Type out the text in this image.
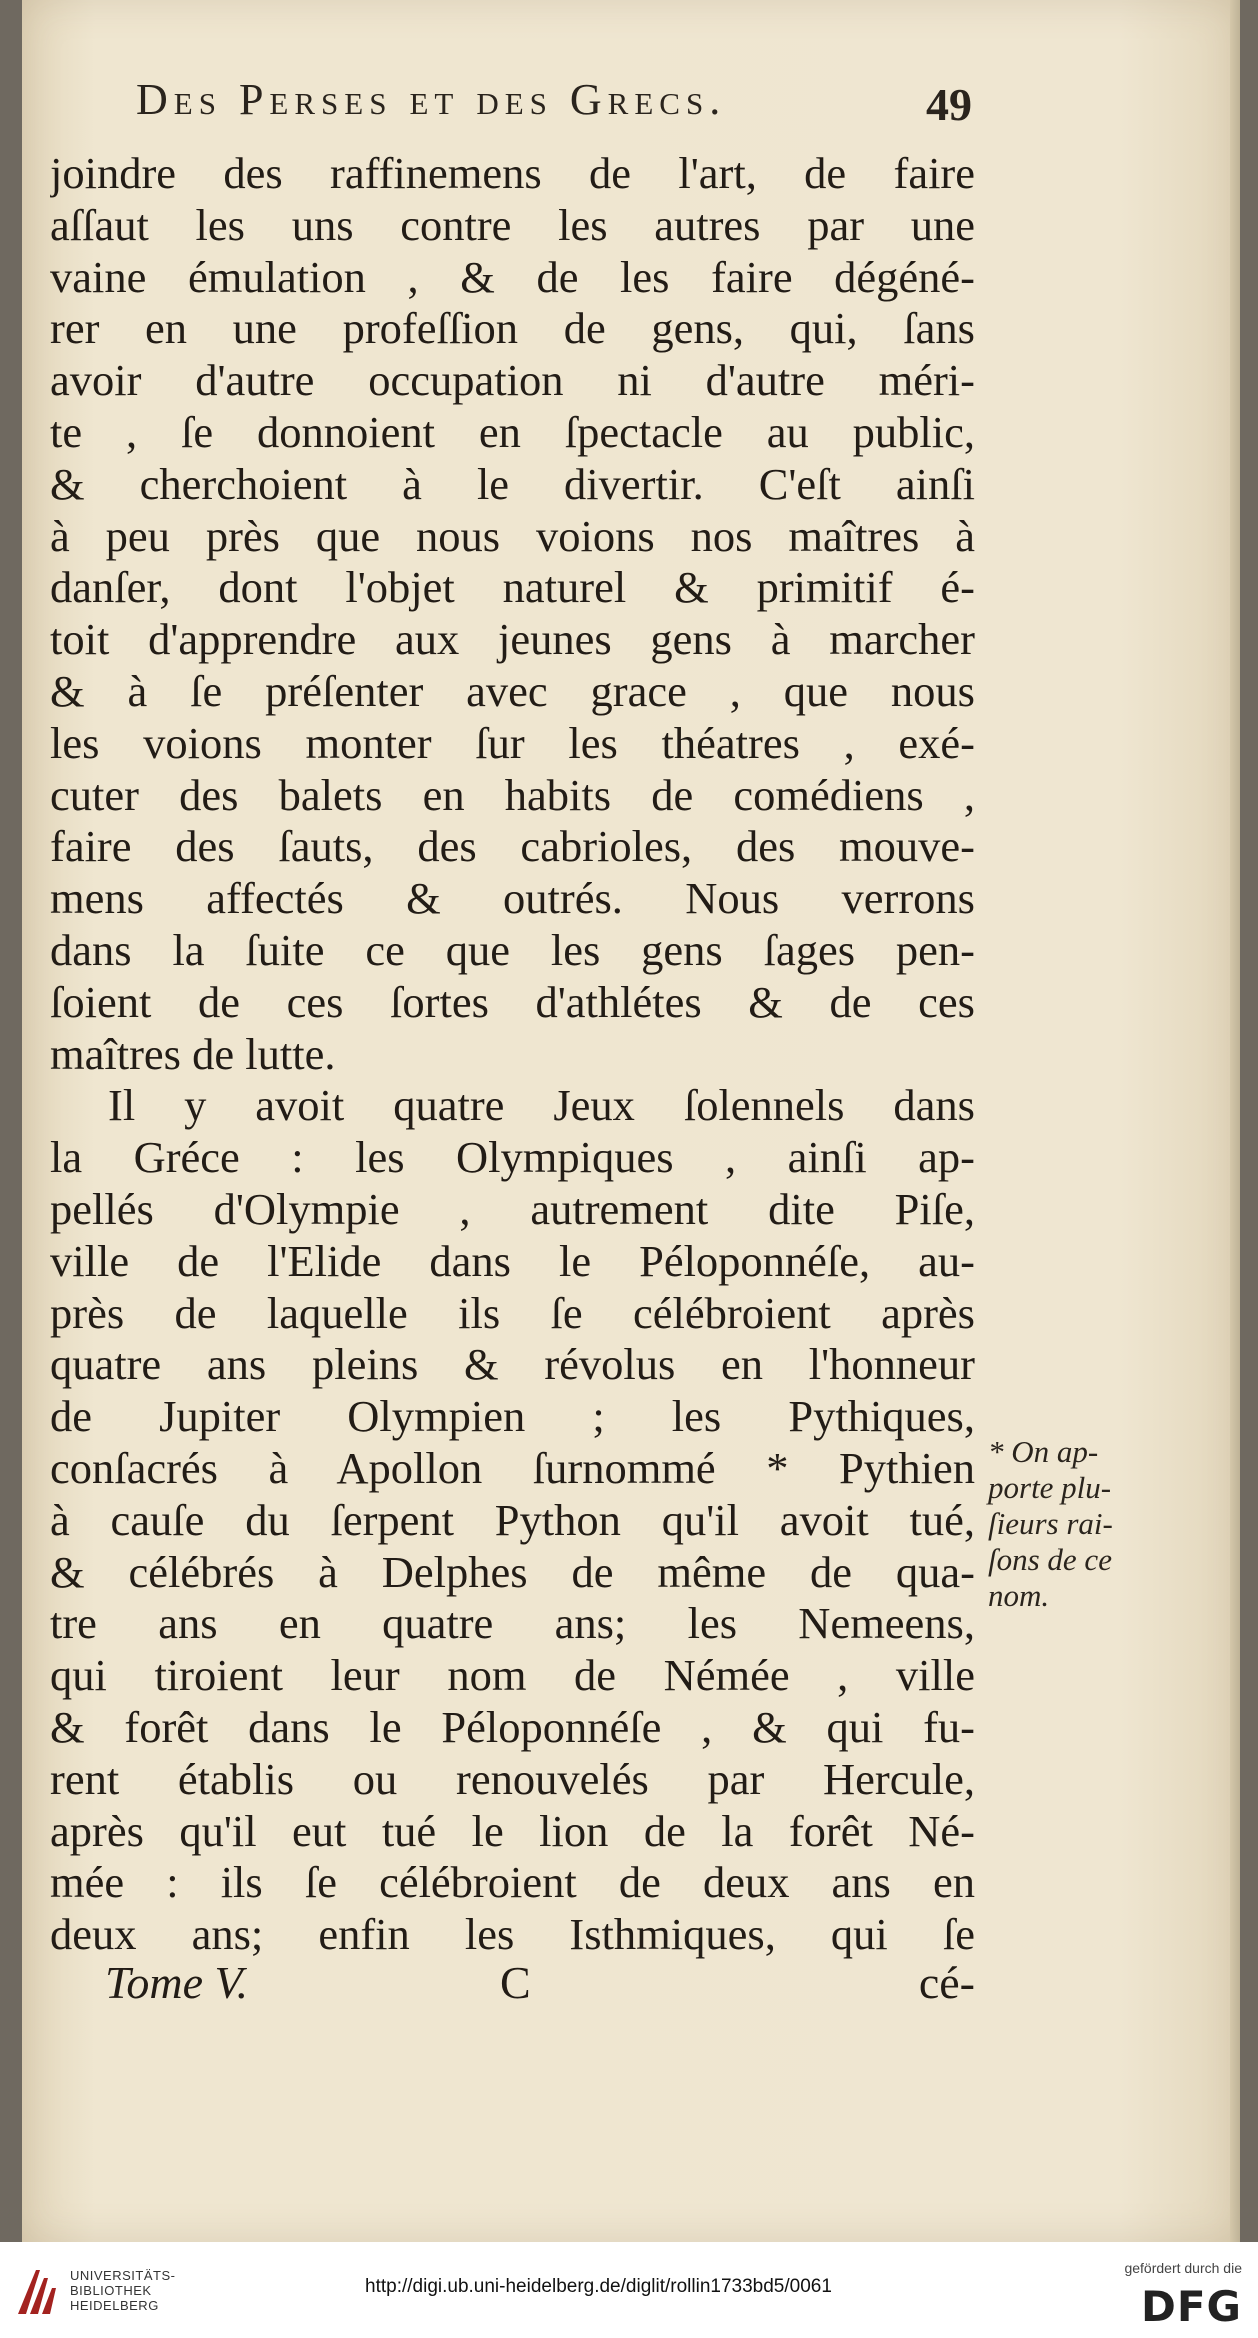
Des Perses et des Grecs.	49
joindre des raffinemens de l'art, de faire
aſſaut les uns contre les autres par une
vaine émulation , & de les faire dégéné-
rer en une profeſſion de gens, qui, ſans
avoir d'autre occupation ni d'autre méri-
te , ſe donnoient en ſpectacle au public,
& cherchoient à le divertir. C'eſt ainſi
à peu près que nous voions nos maîtres à
danſer, dont l'objet naturel & primitif é-
toit d'apprendre aux jeunes gens à marcher
& à ſe préſenter avec grace , que nous
les voions monter ſur les théatres , exé-
cuter des balets en habits de comédiens ,
faire des ſauts, des cabrioles, des mouve-
mens affectés & outrés. Nous verrons
dans la ſuite ce que les gens ſages pen-
ſoient de ces ſortes d'athlétes & de ces
maîtres de lutte.
Il y avoit quatre Jeux ſolennels dans
la Gréce : les Olympiques , ainſi ap-
pellés d'Olympie , autrement dite Piſe,
ville de l'Elide dans le Péloponnéſe, au-
près de laquelle ils ſe célébroient après
quatre ans pleins & révolus en l'honneur
de Jupiter Olympien ; les Pythiques,
conſacrés à Apollon ſurnommé * Pythien
à cauſe du ſerpent Python qu'il avoit tué,
& célébrés à Delphes de même de qua-
tre ans en quatre ans; les Nemeens,
qui tiroient leur nom de Némée , ville
& forêt dans le Péloponnéſe , & qui fu-
rent établis ou renouvelés par Hercule,
après qu'il eut tué le lion de la forêt Né-
mée : ils ſe célébroient de deux ans en
deux ans; enfin les Isthmiques, qui ſe
* On ap-
porte plu-
ſieurs rai-
ſons de ce
nom.
Tome V.	C	cé-
UNIVERSITÄTS-
BIBLIOTHEK
HEIDELBERG
http://digi.ub.uni-heidelberg.de/diglit/rollin1733bd5/0061
gefördert durch die
DFG
